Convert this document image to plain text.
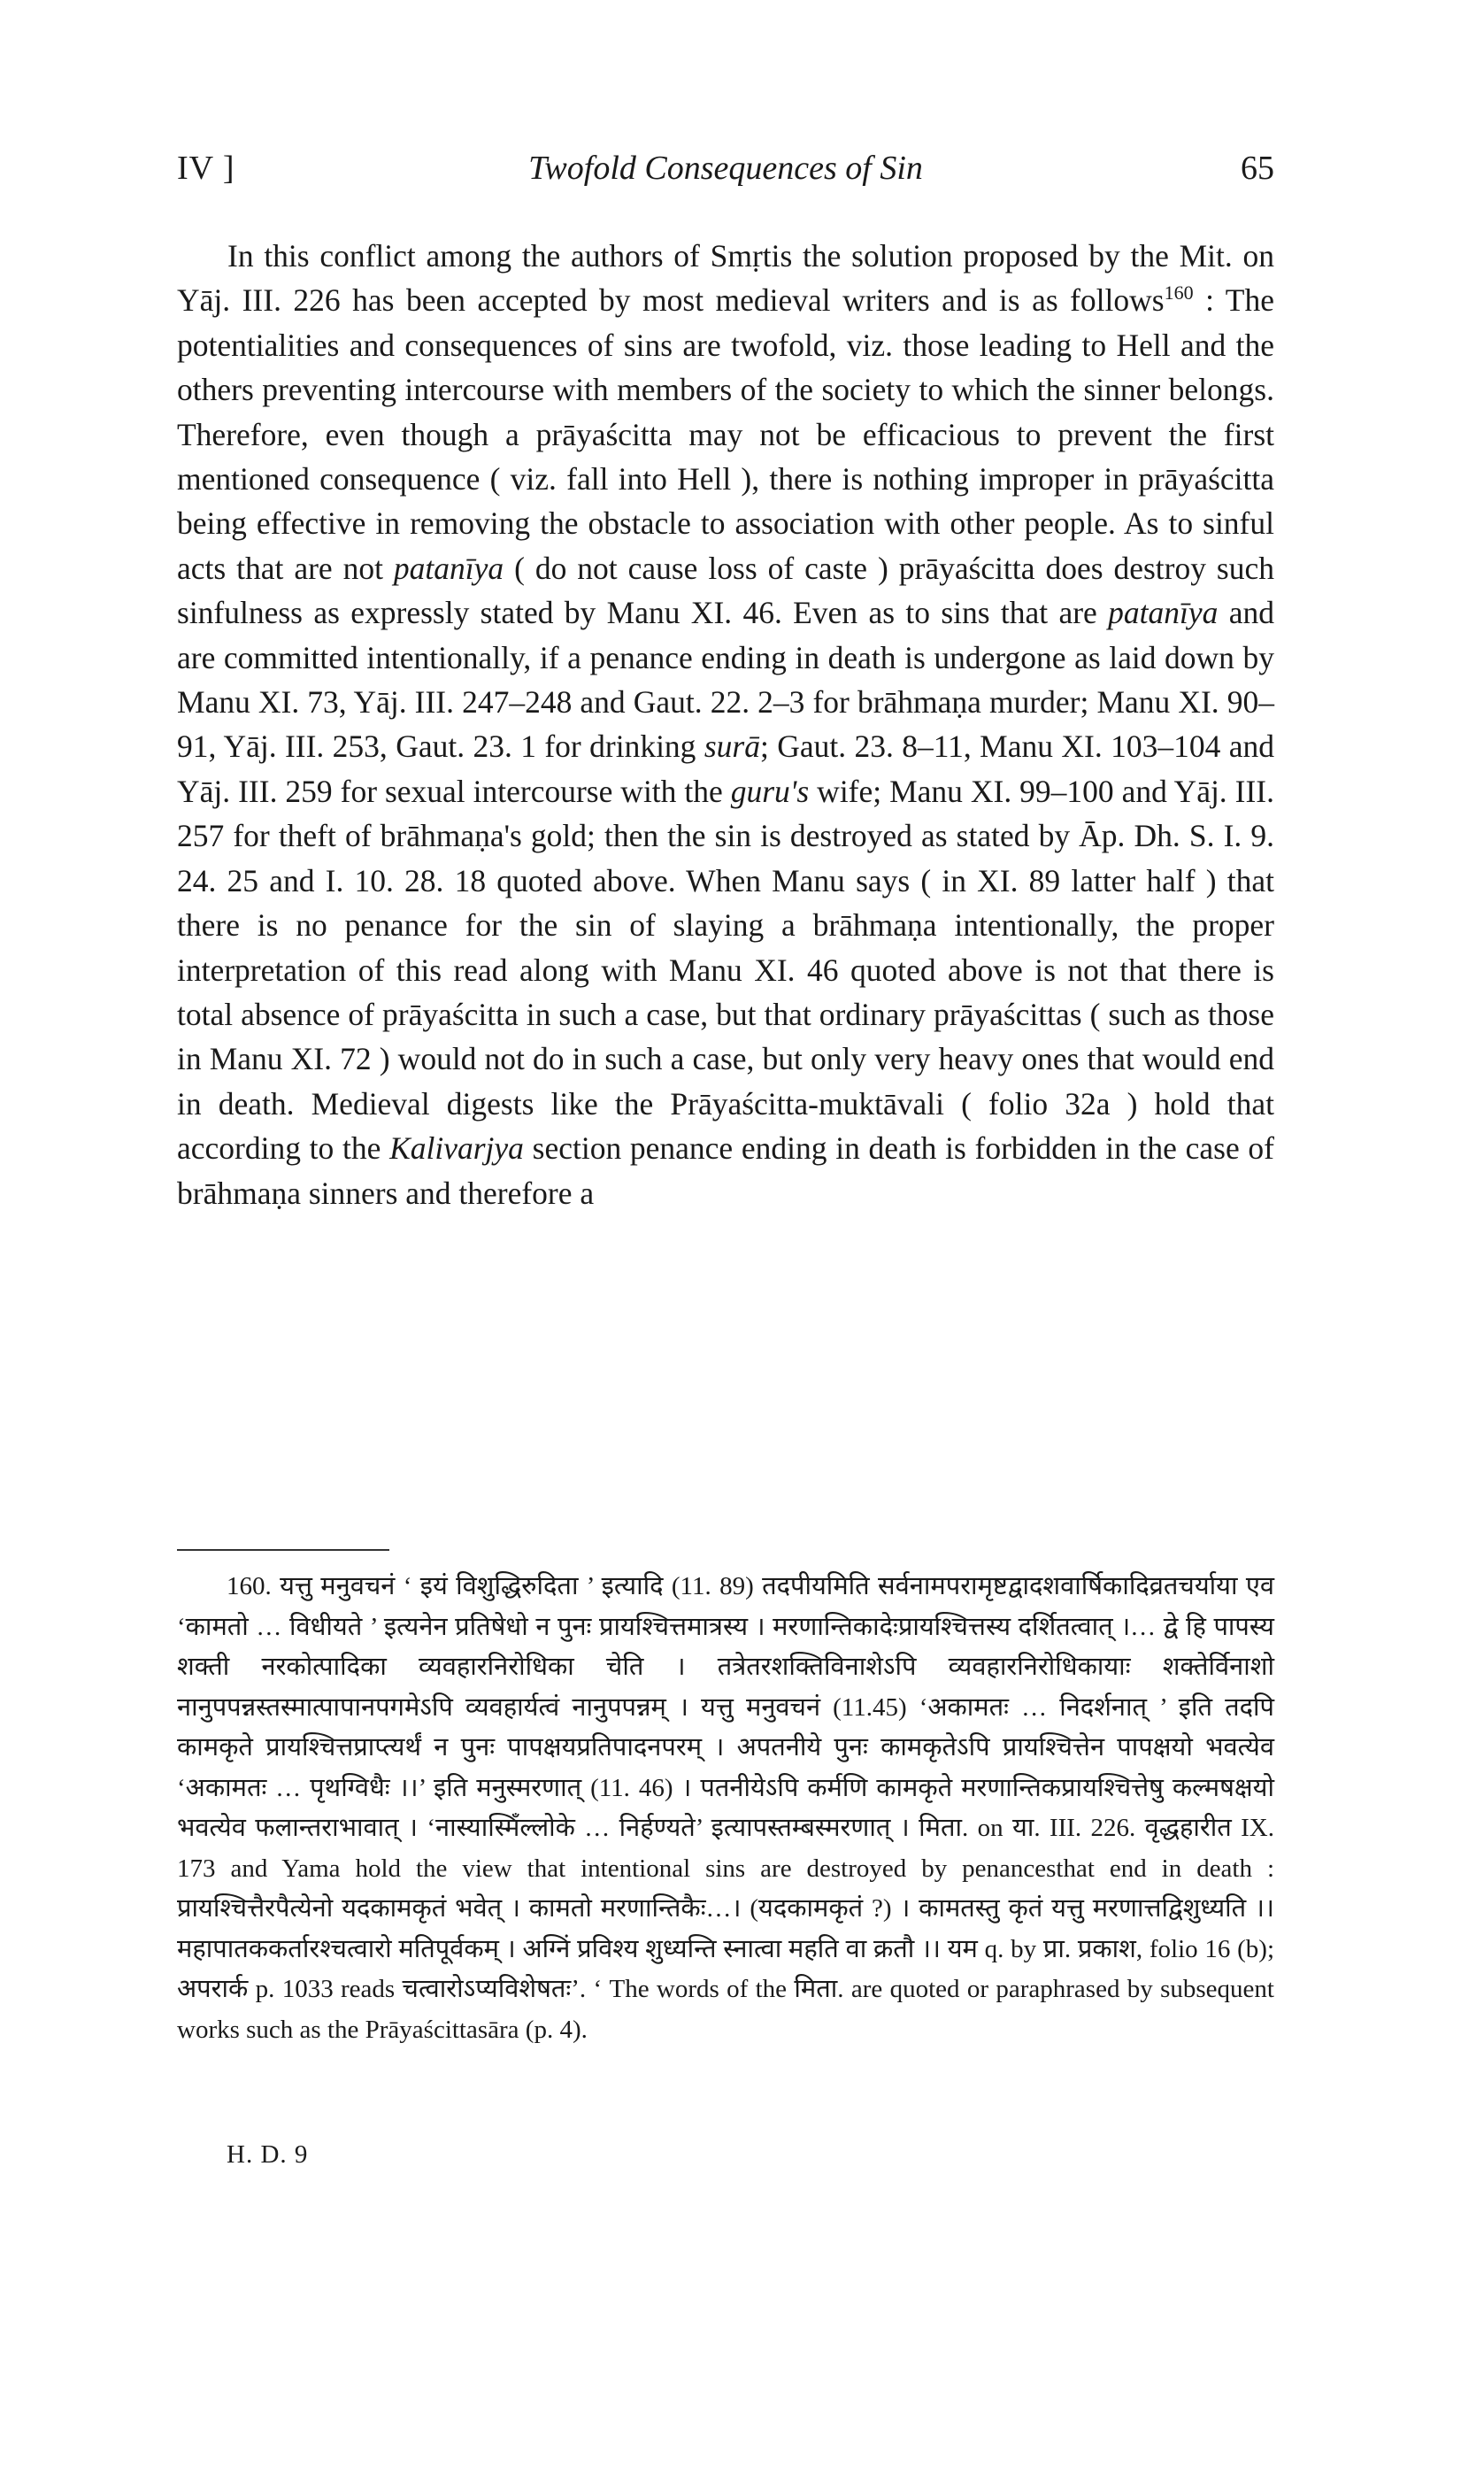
IV ]	Twofold Consequences of Sin	65

In this conflict among the authors of Smṛtis the solution proposed by the Mit. on Yāj. III. 226 has been accepted by most medieval writers and is as follows$^{160}$ : The potentialities and consequences of sins are twofold, viz. those leading to Hell and the others preventing intercourse with members of the society to which the sinner belongs. Therefore, even though a prāyaścitta may not be efficacious to prevent the first mentioned consequence ( viz. fall into Hell ), there is nothing improper in prāyaścitta being effective in removing the obstacle to association with other people. As to sinful acts that are not patanīya ( do not cause loss of caste ) prāyaścitta does destroy such sinfulness as expressly stated by Manu XI. 46. Even as to sins that are patanīya and are committed intentionally, if a penance ending in death is undergone as laid down by Manu XI. 73, Yāj. III. 247–248 and Gaut. 22. 2–3 for brāhmaṇa murder; Manu XI. 90–91, Yāj. III. 253, Gaut. 23. 1 for drinking surā; Gaut. 23. 8–11, Manu XI. 103–104 and Yāj. III. 259 for sexual intercourse with the guru's wife; Manu XI. 99–100 and Yāj. III. 257 for theft of brāhmaṇa's gold; then the sin is destroyed as stated by Āp. Dh. S. I. 9. 24. 25 and I. 10. 28. 18 quoted above. When Manu says ( in XI. 89 latter half ) that there is no penance for the sin of slaying a brāhmaṇa intentionally, the proper interpretation of this read along with Manu XI. 46 quoted above is not that there is total absence of prāyaścitta in such a case, but that ordinary prāyaścittas ( such as those in Manu XI. 72 ) would not do in such a case, but only very heavy ones that would end in death. Medieval digests like the Prāyaścitta-muktāvali ( folio 32a ) hold that according to the Kalivarjya section penance ending in death is forbidden in the case of brāhmaṇa sinners and therefore a

160. यत्तु मनुवचनं ‘ इयं विशुद्धिरुदिता ’ इत्यादि (11. 89) तदपीयमिति सर्वनामपरामृष्टद्वादशवार्षिकादिव्रतचर्याया एव ‘कामतो … विधीयते ’ इत्यनेन प्रतिषेधो न पुनः प्रायश्चित्तमात्रस्य । मरणान्तिकादेःप्रायश्चित्तस्य दर्शितत्वात् ।… द्वे हि पापस्य शक्ती नरकोत्पादिका व्यवहारनिरोधिका चेति । तत्रेतरशक्तिविनाशेऽपि व्यवहारनिरोधिकायाः शक्तेर्विनाशो नानुपपन्नस्तस्मात्पापानपगमेऽपि व्यवहार्यत्वं नानुपपन्नम् । यत्तु मनुवचनं (11.45) ‘अकामतः … निदर्शनात् ’ इति तदपि कामकृते प्रायश्चित्तप्राप्त्यर्थं न पुनः पापक्षयप्रतिपादनपरम् । अपतनीये पुनः कामकृतेऽपि प्रायश्चित्तेन पापक्षयो भवत्येव ‘अकामतः … पृथग्विधैः ।।’ इति मनुस्मरणात् (11. 46) । पतनीयेऽपि कर्मणि कामकृते मरणान्तिकप्रायश्चित्तेषु कल्मषक्षयो भवत्येव फलान्तराभावात् । ‘नास्यास्मिँल्लोके … निर्हण्यते’ इत्यापस्तम्बस्मरणात् । मिता. on या. III. 226. वृद्धहारीत IX. 173 and Yama hold the view that intentional sins are destroyed by penancesthat end in death : प्रायश्चित्तैरपैत्येनो यदकामकृतं भवेत् । कामतो मरणान्तिकैः…। (यदकामकृतं ?) । कामतस्तु कृतं यत्तु मरणात्तद्विशुध्यति ।। महापातककर्तारश्चत्वारो मतिपूर्वकम् । अग्निं प्रविश्य शुध्यन्ति स्नात्वा महति वा क्रतौ ।। यम q. by प्रा. प्रकाश, folio 16 (b); अपरार्क p. 1033 reads चत्वारोऽप्यविशेषतः’. ‘ The words of the मिता. are quoted or paraphrased by subsequent works such as the Prāyaścittasāra (p. 4).

H. D. 9
